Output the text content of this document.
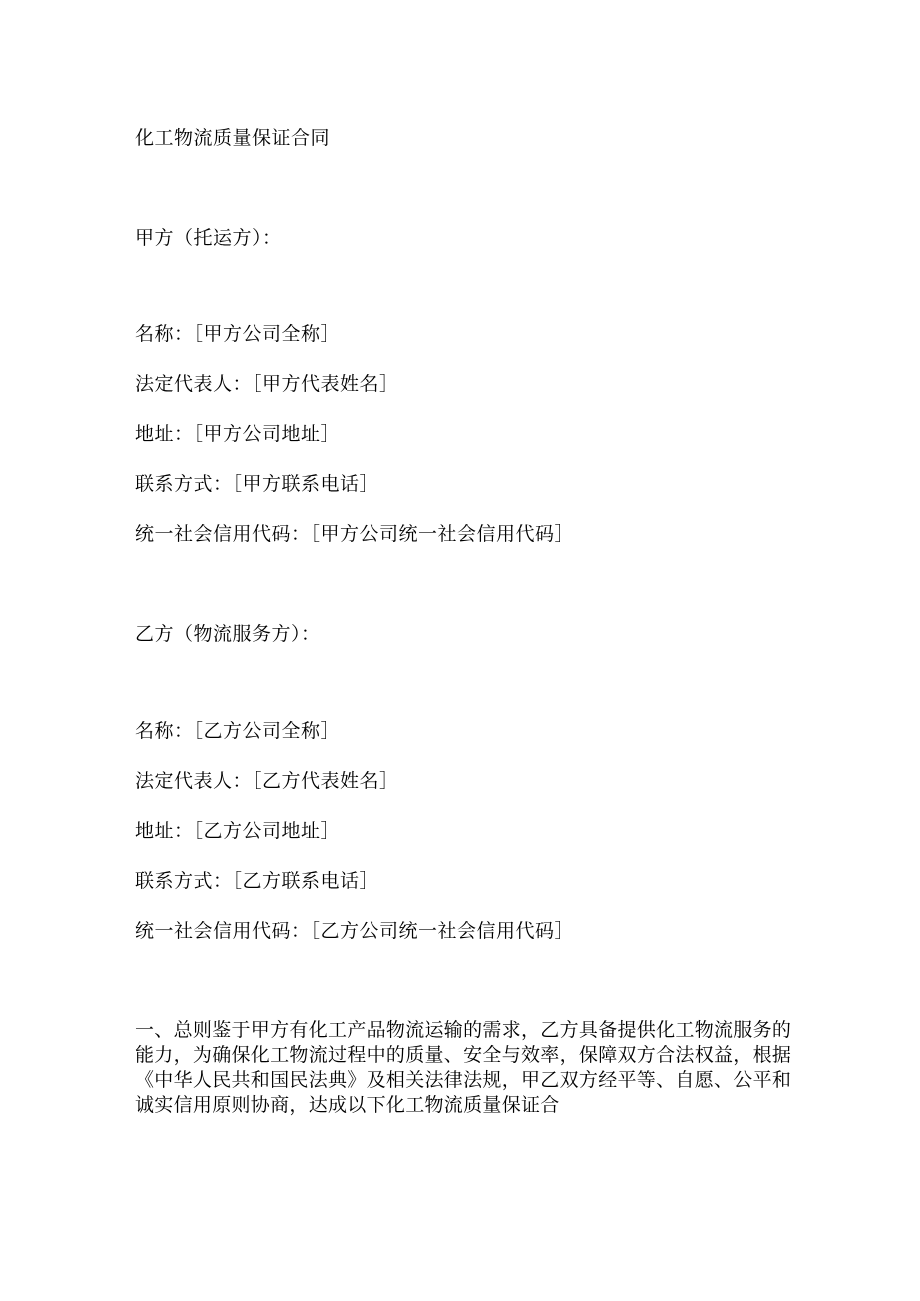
化工物流质量保证合同
甲方（托运方）：
名称：［甲方公司全称］
法定代表人：［甲方代表姓名］
地址：［甲方公司地址］
联系方式：［甲方联系电话］
统一社会信用代码：［甲方公司统一社会信用代码］
乙方（物流服务方）：
名称：［乙方公司全称］
法定代表人：［乙方代表姓名］
地址：［乙方公司地址］
联系方式：［乙方联系电话］
统一社会信用代码：［乙方公司统一社会信用代码］
一、总则鉴于甲方有化工产品物流运输的需求，乙方具备提供化工物流服务的
能力，为确保化工物流过程中的质量、安全与效率，保障双方合法权益，根据
《中华人民共和国民法典》及相关法律法规，甲乙双方经平等、自愿、公平和
诚实信用原则协商，达成以下化工物流质量保证合
